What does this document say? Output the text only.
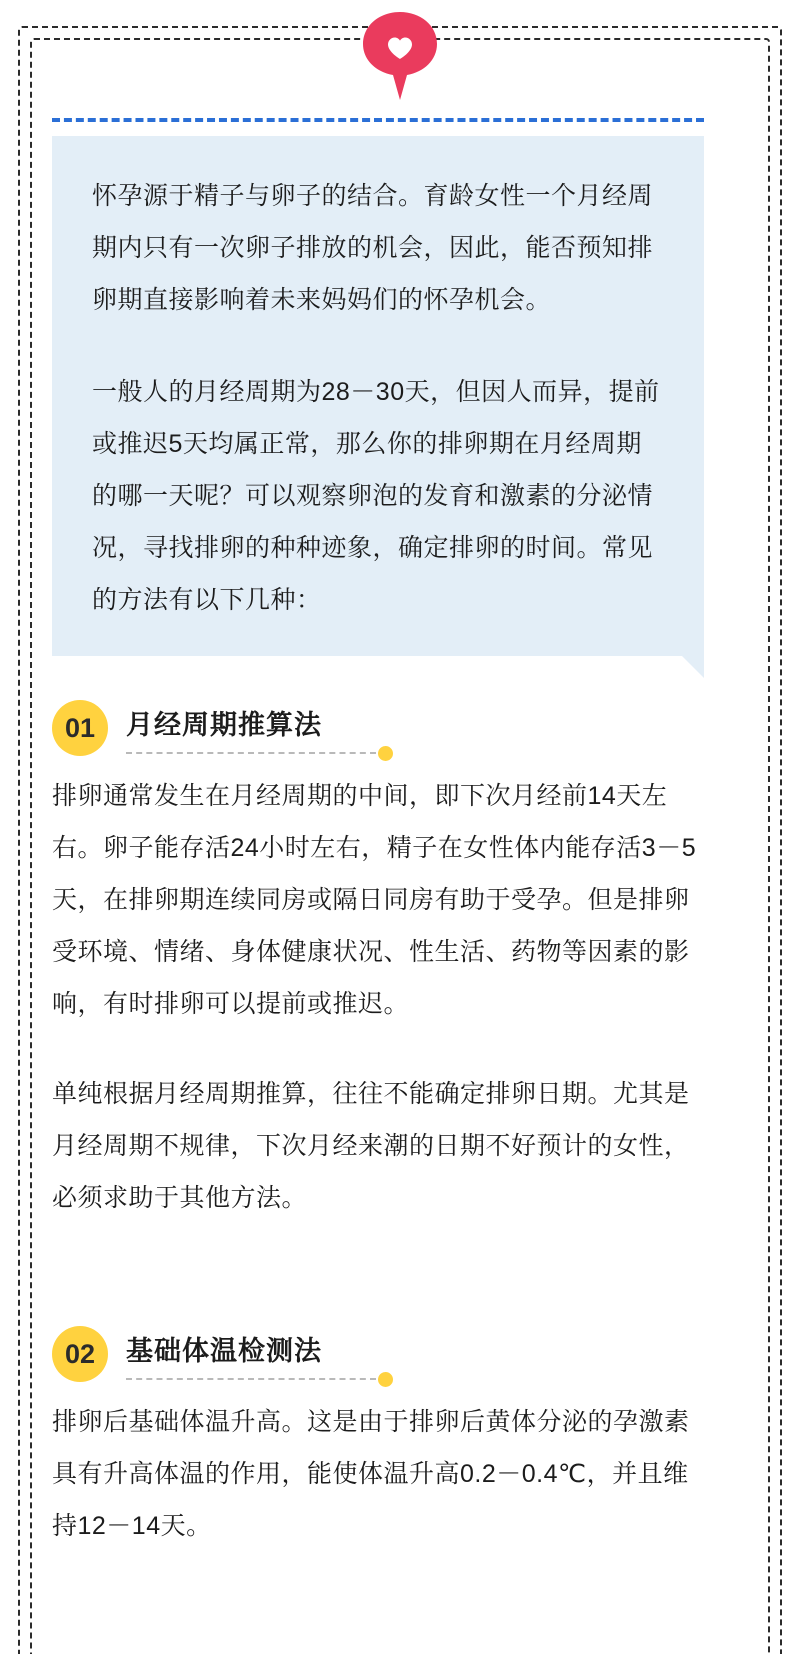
怀孕源于精子与卵子的结合。育龄女性一个月经周期内只有一次卵子排放的机会，因此，能否预知排卵期直接影响着未来妈妈们的怀孕机会。

一般人的月经周期为28－30天，但因人而异，提前或推迟5天均属正常，那么你的排卵期在月经周期的哪一天呢？可以观察卵泡的发育和激素的分泌情况，寻找排卵的种种迹象，确定排卵的时间。常见的方法有以下几种：

01	月经周期推算法

排卵通常发生在月经周期的中间，即下次月经前14天左右。卵子能存活24小时左右，精子在女性体内能存活3－5天，在排卵期连续同房或隔日同房有助于受孕。但是排卵受环境、情绪、身体健康状况、性生活、药物等因素的影响，有时排卵可以提前或推迟。

单纯根据月经周期推算，往往不能确定排卵日期。尤其是月经周期不规律，下次月经来潮的日期不好预计的女性，必须求助于其他方法。

02	基础体温检测法

排卵后基础体温升高。这是由于排卵后黄体分泌的孕激素具有升高体温的作用，能使体温升高0.2－0.4℃，并且维持12－14天。
